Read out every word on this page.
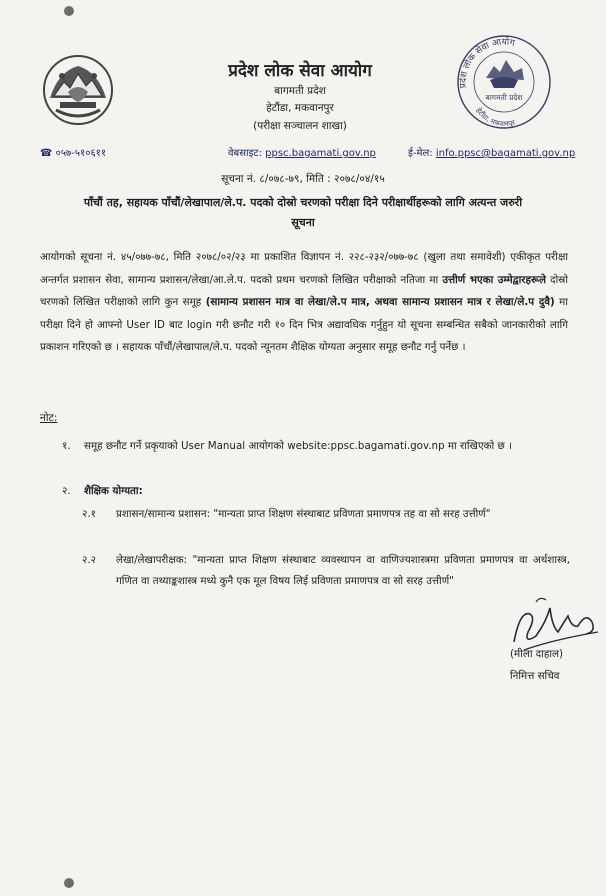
प्रदेश लोक सेवा आयोग
बागमती प्रदेश
हेटौंडा, मकवानपुर
प्रदेश लोक सेवा आयोग
बागमती प्रदेश
हेटौंडा, मकवानपुर
(परीक्षा सञ्चालन शाखा)
☎ ०५७-५१०६११	वेबसाइट: ppsc.bagamati.gov.np	ई-मेल: info.ppsc@bagamati.gov.np
सूचना नं. ८/०७८-७९, मिति : २०७८/०४/१५
पाँचौं तह, सहायक पाँचौं/लेखापाल/ले.प. पदको दोस्रो चरणको परीक्षा दिने परीक्षार्थीहरूको लागि अत्यन्त जरुरी
सूचना
आयोगको सूचना नं. ४५/०७७-७८, मिति २०७८/०२/२३ मा प्रकाशित विज्ञापन नं. २२८-२३२/०७७-७८ (खुला तथा समावेशी) एकीकृत परीक्षा अन्तर्गत प्रशासन सेवा, सामान्य प्रशासन/लेखा/आ.ले.प. पदको प्रथम चरणको लिखित परीक्षाको नतिजा मा उत्तीर्ण भएका उम्मेद्वारहरूले दोस्रो चरणको लिखित परीक्षाको लागि कुन समूह (सामान्य प्रशासन मात्र वा लेखा/ले.प मात्र, अथवा सामान्य प्रशासन मात्र र लेखा/ले.प दुवै) मा परीक्षा दिने हो आफ्नो User ID बाट login गरी छनौट गरी १० दिन भित्र अद्यावधिक गर्नुहुन यो सूचना सम्बन्धित सबैको जानकारीको लागि प्रकाशन गरिएको छ । सहायक पाँचौं/लेखापाल/ले.प. पदको न्यूनतम शैक्षिक योग्यता अनुसार समूह छनौट गर्नु पर्नेछ ।
नोट:
१. समूह छनौट गर्ने प्रकृयाको User Manual आयोगको website:ppsc.bagamati.gov.np मा राखिएको छ ।
२. शैक्षिक योग्यता:
२.१ प्रशासन/सामान्य प्रशासन: "मान्यता प्राप्त शिक्षण संस्थाबाट प्रविणता प्रमाणपत्र तह वा सो सरह उत्तीर्ण"
२.२ लेखा/लेखापरीक्षक: "मान्यता प्राप्त शिक्षण संस्थाबाट व्यवस्थापन वा वाणिज्यशास्त्रमा प्रविणता प्रमाणपत्र वा अर्थशास्त्र, गणित वा तथ्याङ्कशास्त्र मध्ये कुनै एक मूल विषय लिई प्रविणता प्रमाणपत्र वा सो सरह उत्तीर्ण"
(मीला दाहाल)
निमित्त सचिव
